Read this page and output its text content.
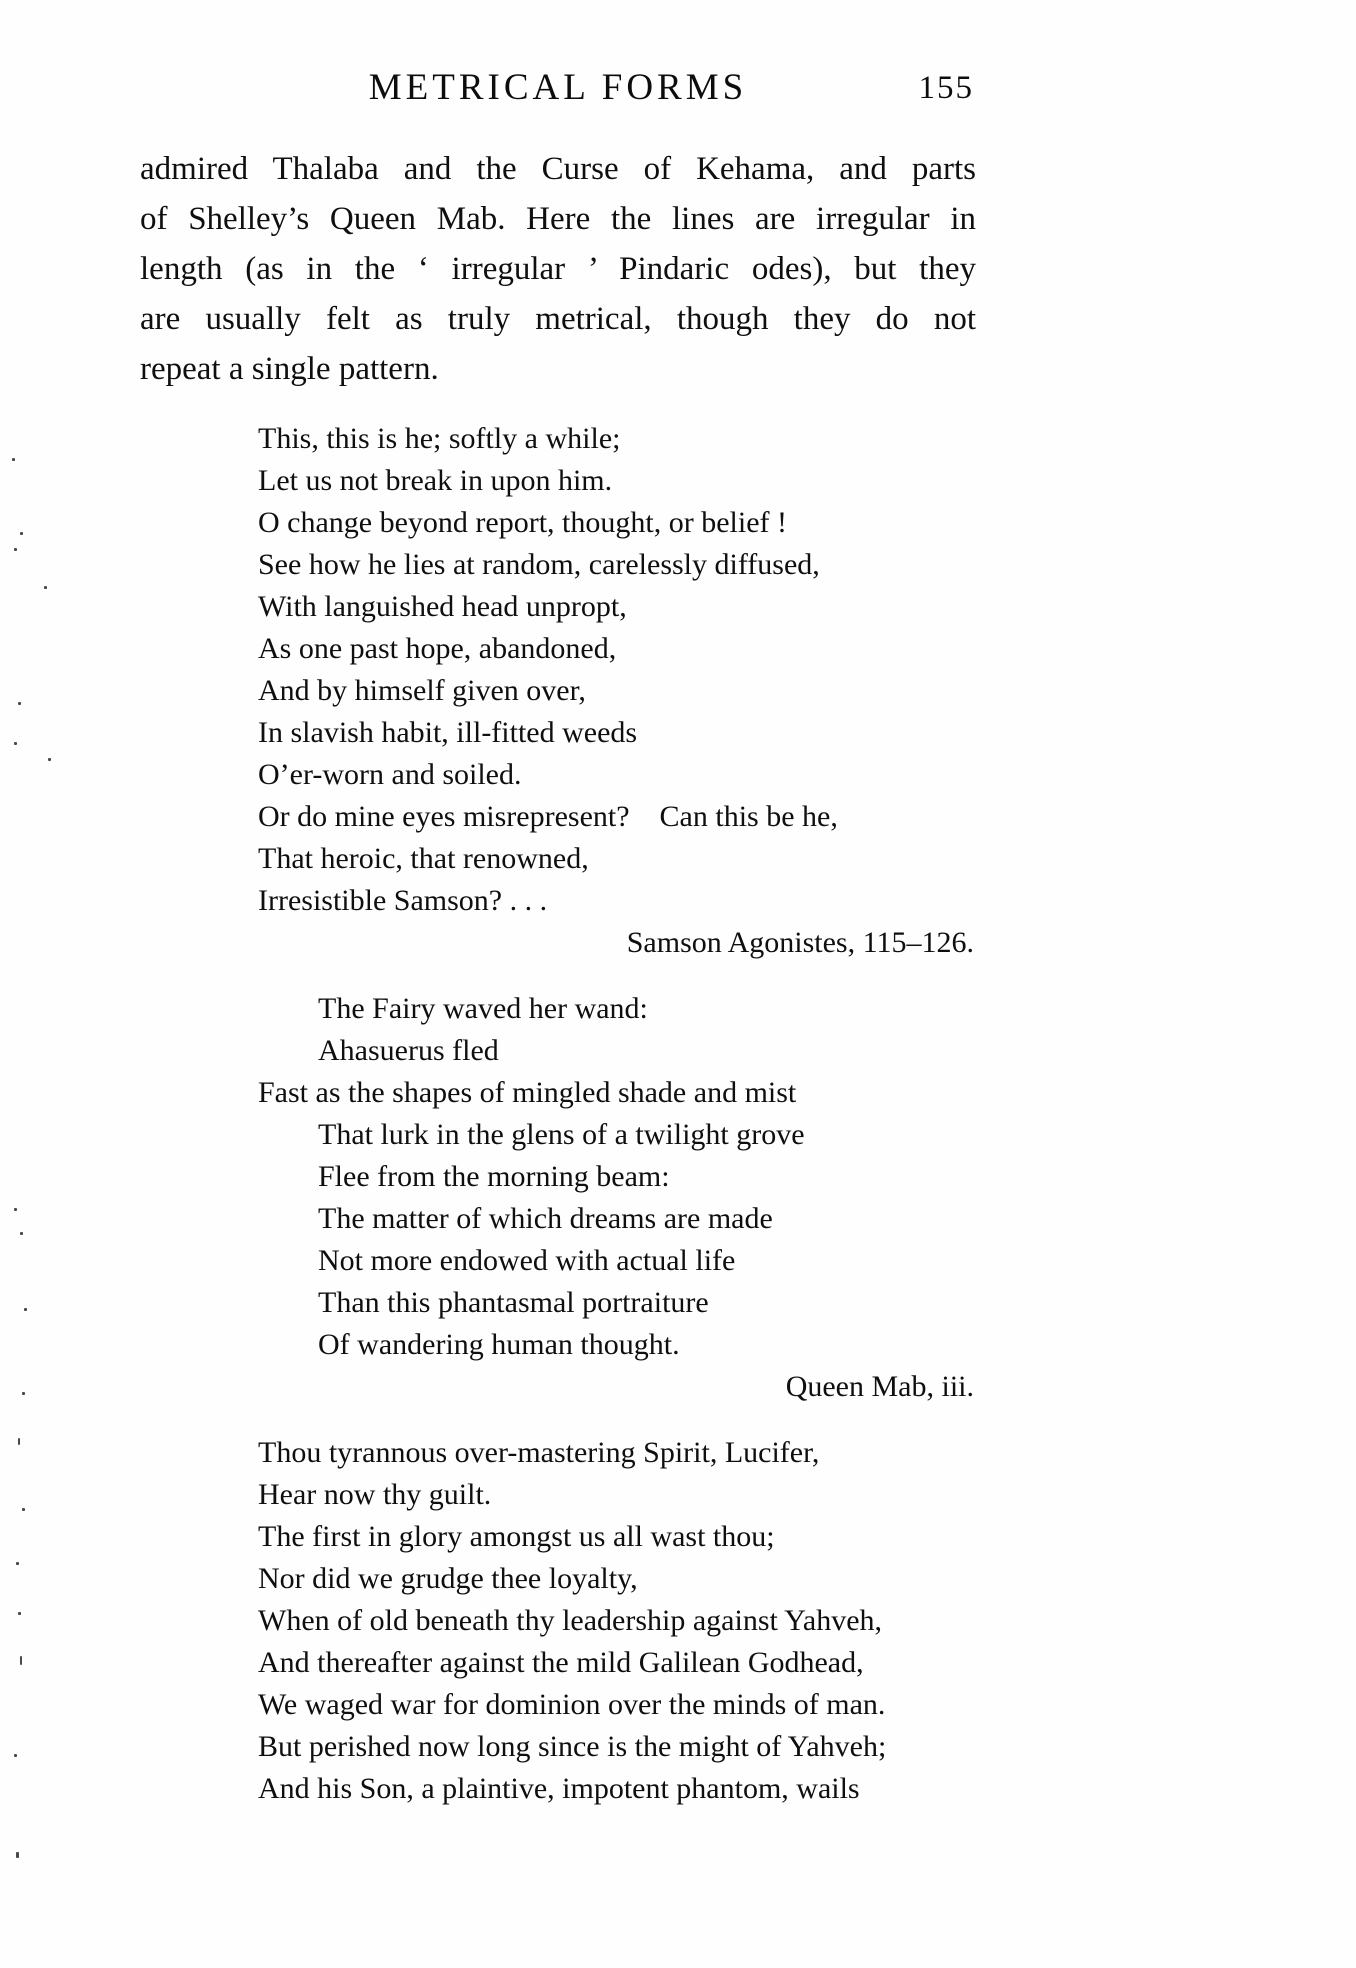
METRICAL FORMS	155
admired Thalaba and the Curse of Kehama, and parts
of Shelley’s Queen Mab. Here the lines are irregular in
length (as in the ‘ irregular ’ Pindaric odes), but they
are usually felt as truly metrical, though they do not
repeat a single pattern.
This, this is he; softly a while;
Let us not break in upon him.
O change beyond report, thought, or belief !
See how he lies at random, carelessly diffused,
With languished head unpropt,
As one past hope, abandoned,
And by himself given over,
In slavish habit, ill-fitted weeds
O’er-worn and soiled.
Or do mine eyes misrepresent? Can this be he,
That heroic, that renowned,
Irresistible Samson? . . .
Samson Agonistes, 115–126.
The Fairy waved her wand:
Ahasuerus fled
Fast as the shapes of mingled shade and mist
That lurk in the glens of a twilight grove
Flee from the morning beam:
The matter of which dreams are made
Not more endowed with actual life
Than this phantasmal portraiture
Of wandering human thought.
Queen Mab, iii.
Thou tyrannous over-mastering Spirit, Lucifer,
Hear now thy guilt.
The first in glory amongst us all wast thou;
Nor did we grudge thee loyalty,
When of old beneath thy leadership against Yahveh,
And thereafter against the mild Galilean Godhead,
We waged war for dominion over the minds of man.
But perished now long since is the might of Yahveh;
And his Son, a plaintive, impotent phantom, wails
